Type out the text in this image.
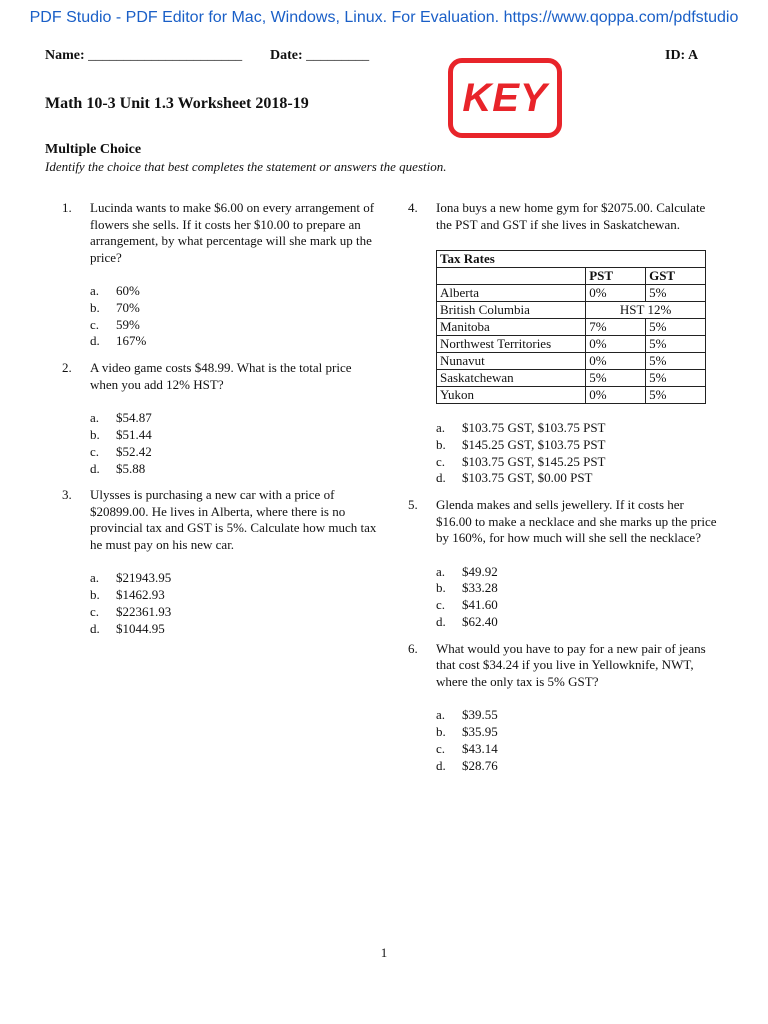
PDF Studio - PDF Editor for Mac, Windows, Linux. For Evaluation. https://www.qoppa.com/pdfstudio
Name: ______________________ Date: _________	ID: A
Math 10-3 Unit 1.3 Worksheet 2018-19	KEY
Multiple Choice
Identify the choice that best completes the statement or answers the question.
1.	Lucinda wants to make $6.00 on every arrangement of flowers she sells. If it costs her $10.00 to prepare an arrangement, by what percentage will she mark up the price?

a. 60%
b. 70%
c. 59%
d. 167%
2.	A video game costs $48.99. What is the total price when you add 12% HST?

a. $54.87
b. $51.44
c. $52.42
d. $5.88
3.	Ulysses is purchasing a new car with a price of $20899.00. He lives in Alberta, where there is no provincial tax and GST is 5%. Calculate how much tax he must pay on his new car.

a. $21943.95
b. $1462.93
c. $22361.93
d. $1044.95
4.	Iona buys a new home gym for $2075.00. Calculate the PST and GST if she lives in Saskatchewan.

Tax Rates		
	PST	GST
Alberta	0%	5%
British Columbia	HST 12%	
Manitoba	7%	5%
Northwest Territories	0%	5%
Nunavut	0%	5%
Saskatchewan	5%	5%
Yukon	0%	5%
a. $103.75 GST, $103.75 PST
b. $145.25 GST, $103.75 PST
c. $103.75 GST, $145.25 PST
d. $103.75 GST, $0.00 PST
5.	Glenda makes and sells jewellery. If it costs her $16.00 to make a necklace and she marks up the price by 160%, for how much will she sell the necklace?

a. $49.92
b. $33.28
c. $41.60
d. $62.40
6.	What would you have to pay for a new pair of jeans that cost $34.24 if you live in Yellowknife, NWT, where the only tax is 5% GST?

a. $39.55
b. $35.95
c. $43.14
d. $28.76
1
